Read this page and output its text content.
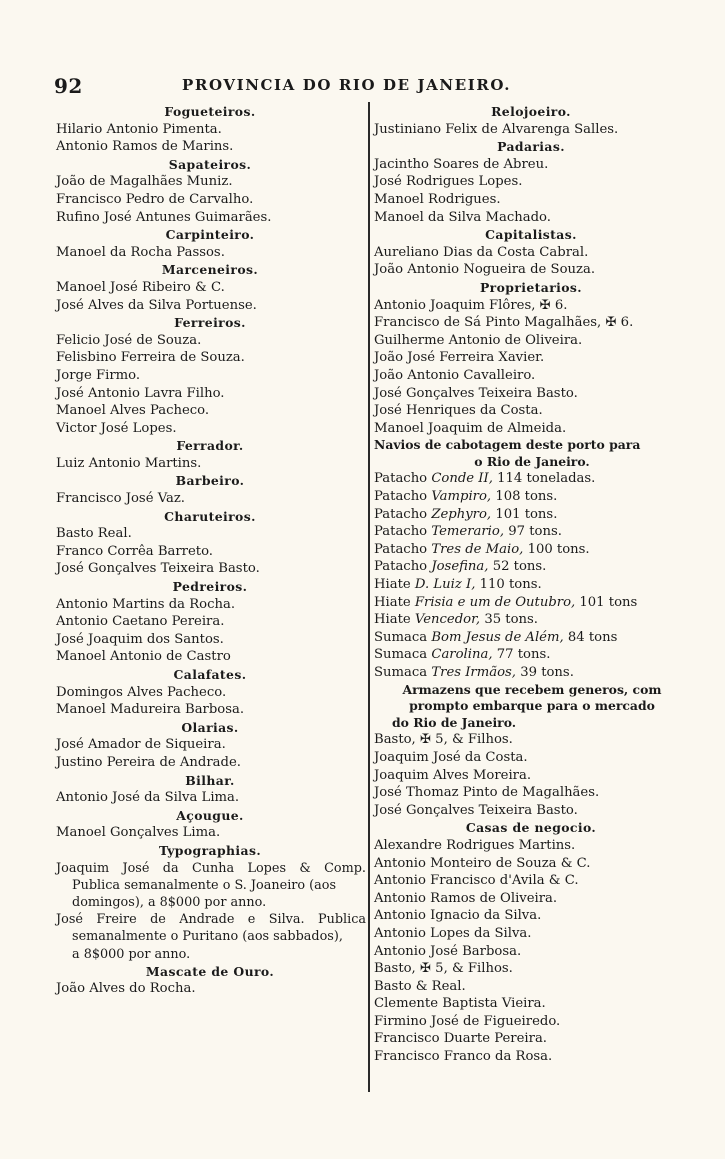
92	PROVINCIA DO RIO DE JANEIRO.
Fogueteiros.
Hilario Antonio Pimenta.
Antonio Ramos de Marins.
Sapateiros.
João de Magalhães Muniz.
Francisco Pedro de Carvalho.
Rufino José Antunes Guimarães.
Carpinteiro.
Manoel da Rocha Passos.
Marceneiros.
Manoel José Ribeiro & C.
José Alves da Silva Portuense.
Ferreiros.
Felicio José de Souza.
Felisbino Ferreira de Souza.
Jorge Firmo.
José Antonio Lavra Filho.
Manoel Alves Pacheco.
Victor José Lopes.
Ferrador.
Luiz Antonio Martins.
Barbeiro.
Francisco José Vaz.
Charuteiros.
Basto Real.
Franco Corrêa Barreto.
José Gonçalves Teixeira Basto.
Pedreiros.
Antonio Martins da Rocha.
Antonio Caetano Pereira.
José Joaquim dos Santos.
Manoel Antonio de Castro
Calafates.
Domingos Alves Pacheco.
Manoel Madureira Barbosa.
Olarias.
José Amador de Siqueira.
Justino Pereira de Andrade.
Bilhar.
Antonio José da Silva Lima.
Açougue.
Manoel Gonçalves Lima.
Typographias.
Joaquim José da Cunha Lopes & Comp.
Publica semanalmente o S. Joaneiro (aos
domingos), a 8$000 por anno.
José Freire de Andrade e Silva. Publica
semanalmente o Puritano (aos sabbados),
a 8$000 por anno.
Mascate de Ouro.
João Alves do Rocha.
Relojoeiro.
Justiniano Felix de Alvarenga Salles.
Padarias.
Jacintho Soares de Abreu.
José Rodrigues Lopes.
Manoel Rodrigues.
Manoel da Silva Machado.
Capitalistas.
Aureliano Dias da Costa Cabral.
João Antonio Nogueira de Souza.
Proprietarios.
Antonio Joaquim Flôres, ✠ 6.
Francisco de Sá Pinto Magalhães, ✠ 6.
Guilherme Antonio de Oliveira.
João José Ferreira Xavier.
João Antonio Cavalleiro.
José Gonçalves Teixeira Basto.
José Henriques da Costa.
Manoel Joaquim de Almeida.
Navios de cabotagem deste porto para
o Rio de Janeiro.
Patacho Conde II, 114 toneladas.
Patacho Vampiro, 108 tons.
Patacho Zephyro, 101 tons.
Patacho Temerario, 97 tons.
Patacho Tres de Maio, 100 tons.
Patacho Josefina, 52 tons.
Hiate D. Luiz I, 110 tons.
Hiate Frisia e um de Outubro, 101 tons
Hiate Vencedor, 35 tons.
Sumaca Bom Jesus de Além, 84 tons
Sumaca Carolina, 77 tons.
Sumaca Tres Irmãos, 39 tons.
Armazens que recebem generos, com
prompto embarque para o mercado
do Rio de Janeiro.
Basto, ✠ 5, & Filhos.
Joaquim José da Costa.
Joaquim Alves Moreira.
José Thomaz Pinto de Magalhães.
José Gonçalves Teixeira Basto.
Casas de negocio.
Alexandre Rodrigues Martins.
Antonio Monteiro de Souza & C.
Antonio Francisco d'Avila & C.
Antonio Ramos de Oliveira.
Antonio Ignacio da Silva.
Antonio Lopes da Silva.
Antonio José Barbosa.
Basto, ✠ 5, & Filhos.
Basto & Real.
Clemente Baptista Vieira.
Firmino José de Figueiredo.
Francisco Duarte Pereira.
Francisco Franco da Rosa.
